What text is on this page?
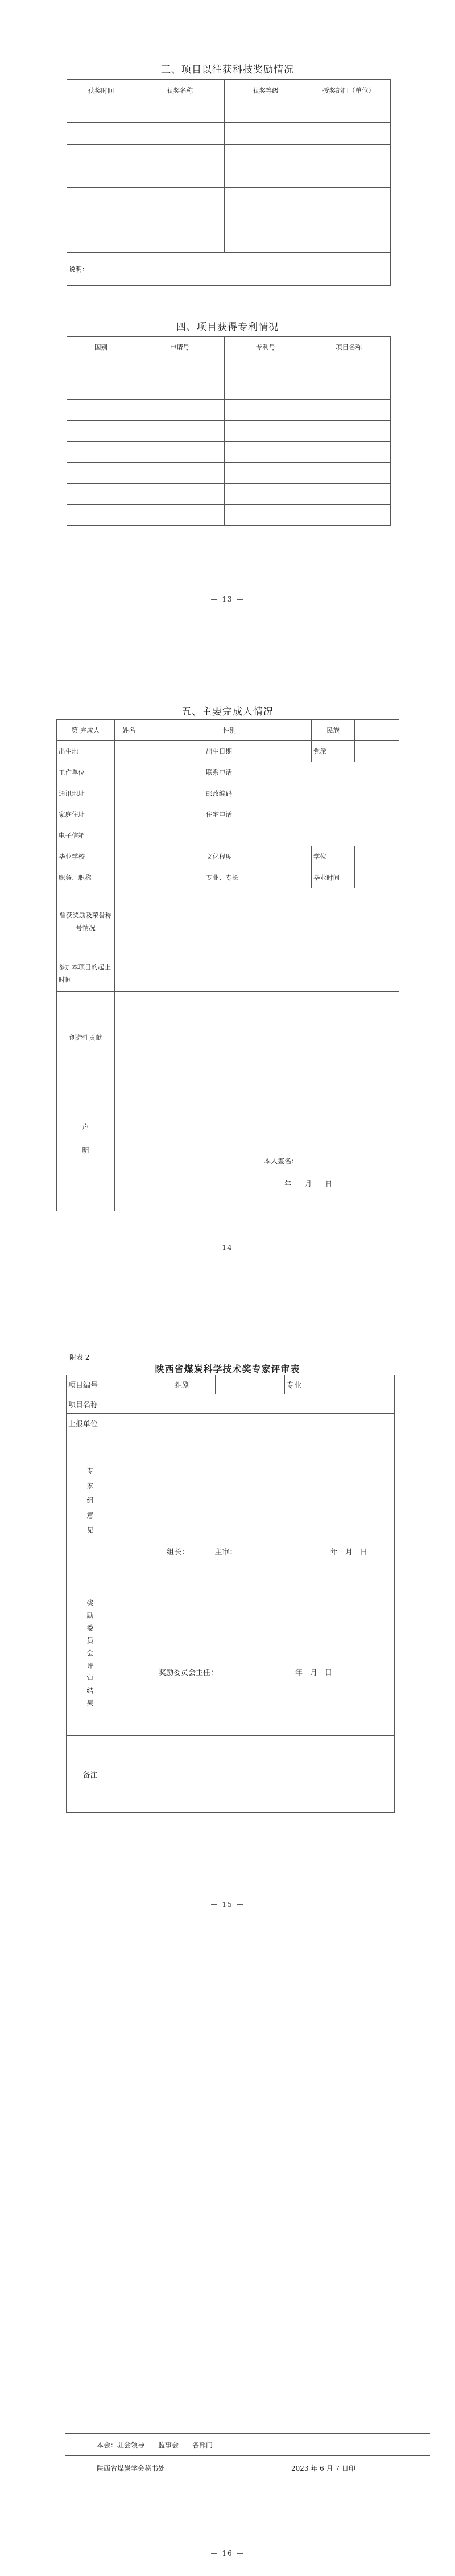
三、项目以往获科技奖励情况
获奖时间	获奖名称	获奖等级	授奖部门（单位）

说明：			
四、项目获得专利情况
国别	申请号	专利号	项目名称

— 13 —
五、主要完成人情况
第 完成人	姓名		性别		民族	
出生地			出生日期		党派	
工作单位			联系电话			
通讯地址			邮政编码			
家庭住址			住宅电话			
电子信箱						
毕业学校			文化程度		学位	
职务、职称			专业、专长		毕业时间	
曾获奖励及荣誉称号情况						
参加本项目的起止时间						
创造性贡献						

声明	本人签名：
年　　月　　日					
— 14 —
附表 2
陕西省煤炭科学技术奖专家评审表
项目编号		组别		专业	
项目名称					
上报单位					

专家组意见	组长：　　　　主审： 年　月　日				

奖励委员会评审结果	奖励委员会主任： 年　月　日				

备注					
— 15 —
本会：驻会领导　　监事会　　各部门
陕西省煤炭学会秘书处	2023 年 6 月 7 日印
— 16 —
